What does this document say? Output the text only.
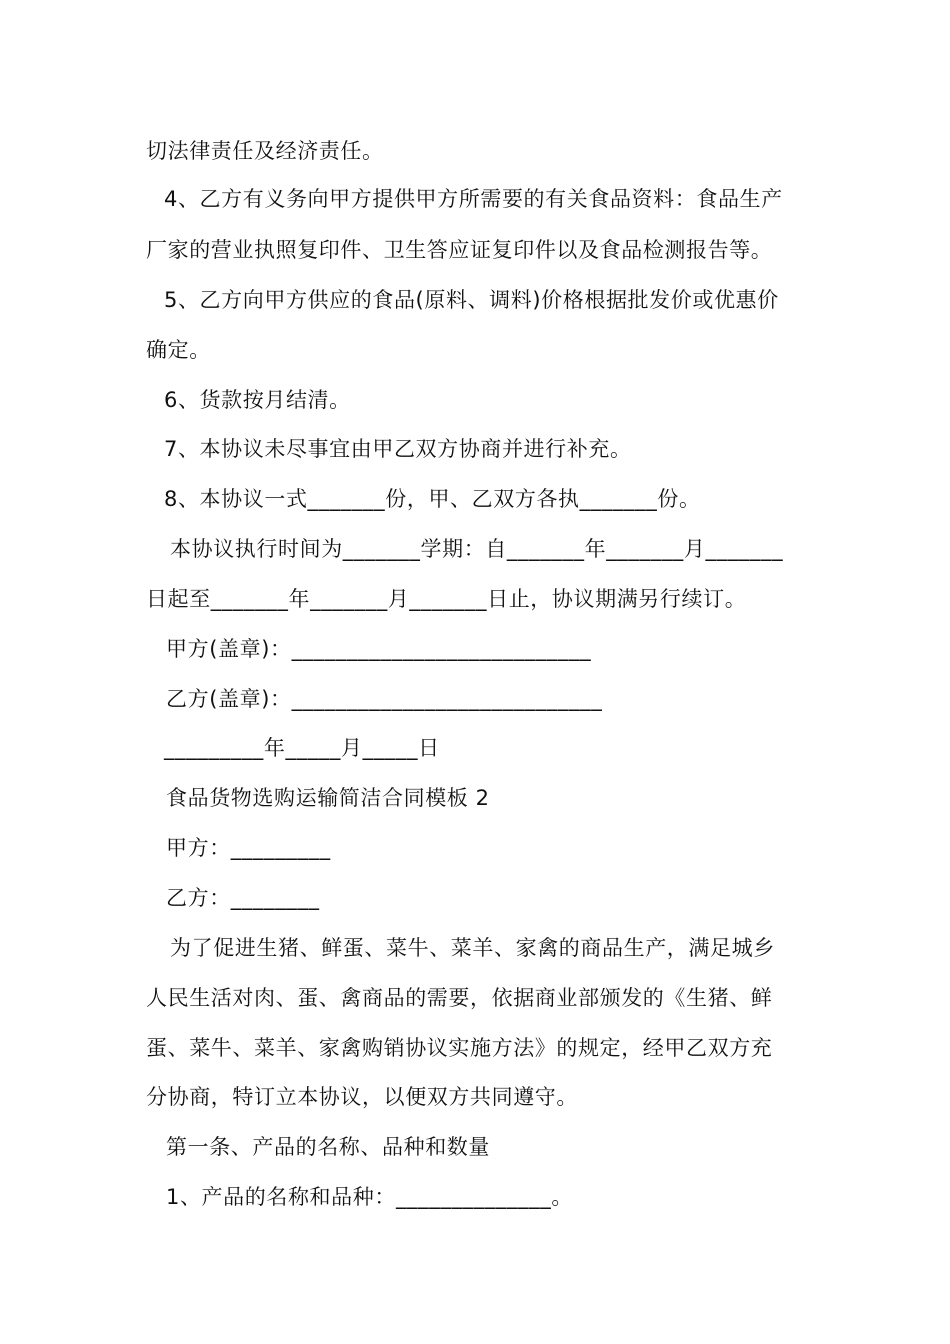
切法律责任及经济责任。
4、乙方有义务向甲方提供甲方所需要的有关食品资料：食品生产
厂家的营业执照复印件、卫生答应证复印件以及食品检测报告等。
5、乙方向甲方供应的食品(原料、调料)价格根据批发价或优惠价
确定。
6、货款按月结清。
7、本协议未尽事宜由甲乙双方协商并进行补充。
8、本协议一式_______份，甲、乙双方各执_______份。
本协议执行时间为_______学期：自_______年_______月_______
日起至_______年_______月_______日止，协议期满另行续订。
甲方(盖章)：___________________________
乙方(盖章)：____________________________
_________年_____月_____日
食品货物选购运输简洁合同模板 2
甲方：_________
乙方：________
为了促进生猪、鲜蛋、菜牛、菜羊、家禽的商品生产，满足城乡
人民生活对肉、蛋、禽商品的需要，依据商业部颁发的《生猪、鲜
蛋、菜牛、菜羊、家禽购销协议实施方法》的规定，经甲乙双方充
分协商，特订立本协议，以便双方共同遵守。
第一条、产品的名称、品种和数量
1、产品的名称和品种：______________。
